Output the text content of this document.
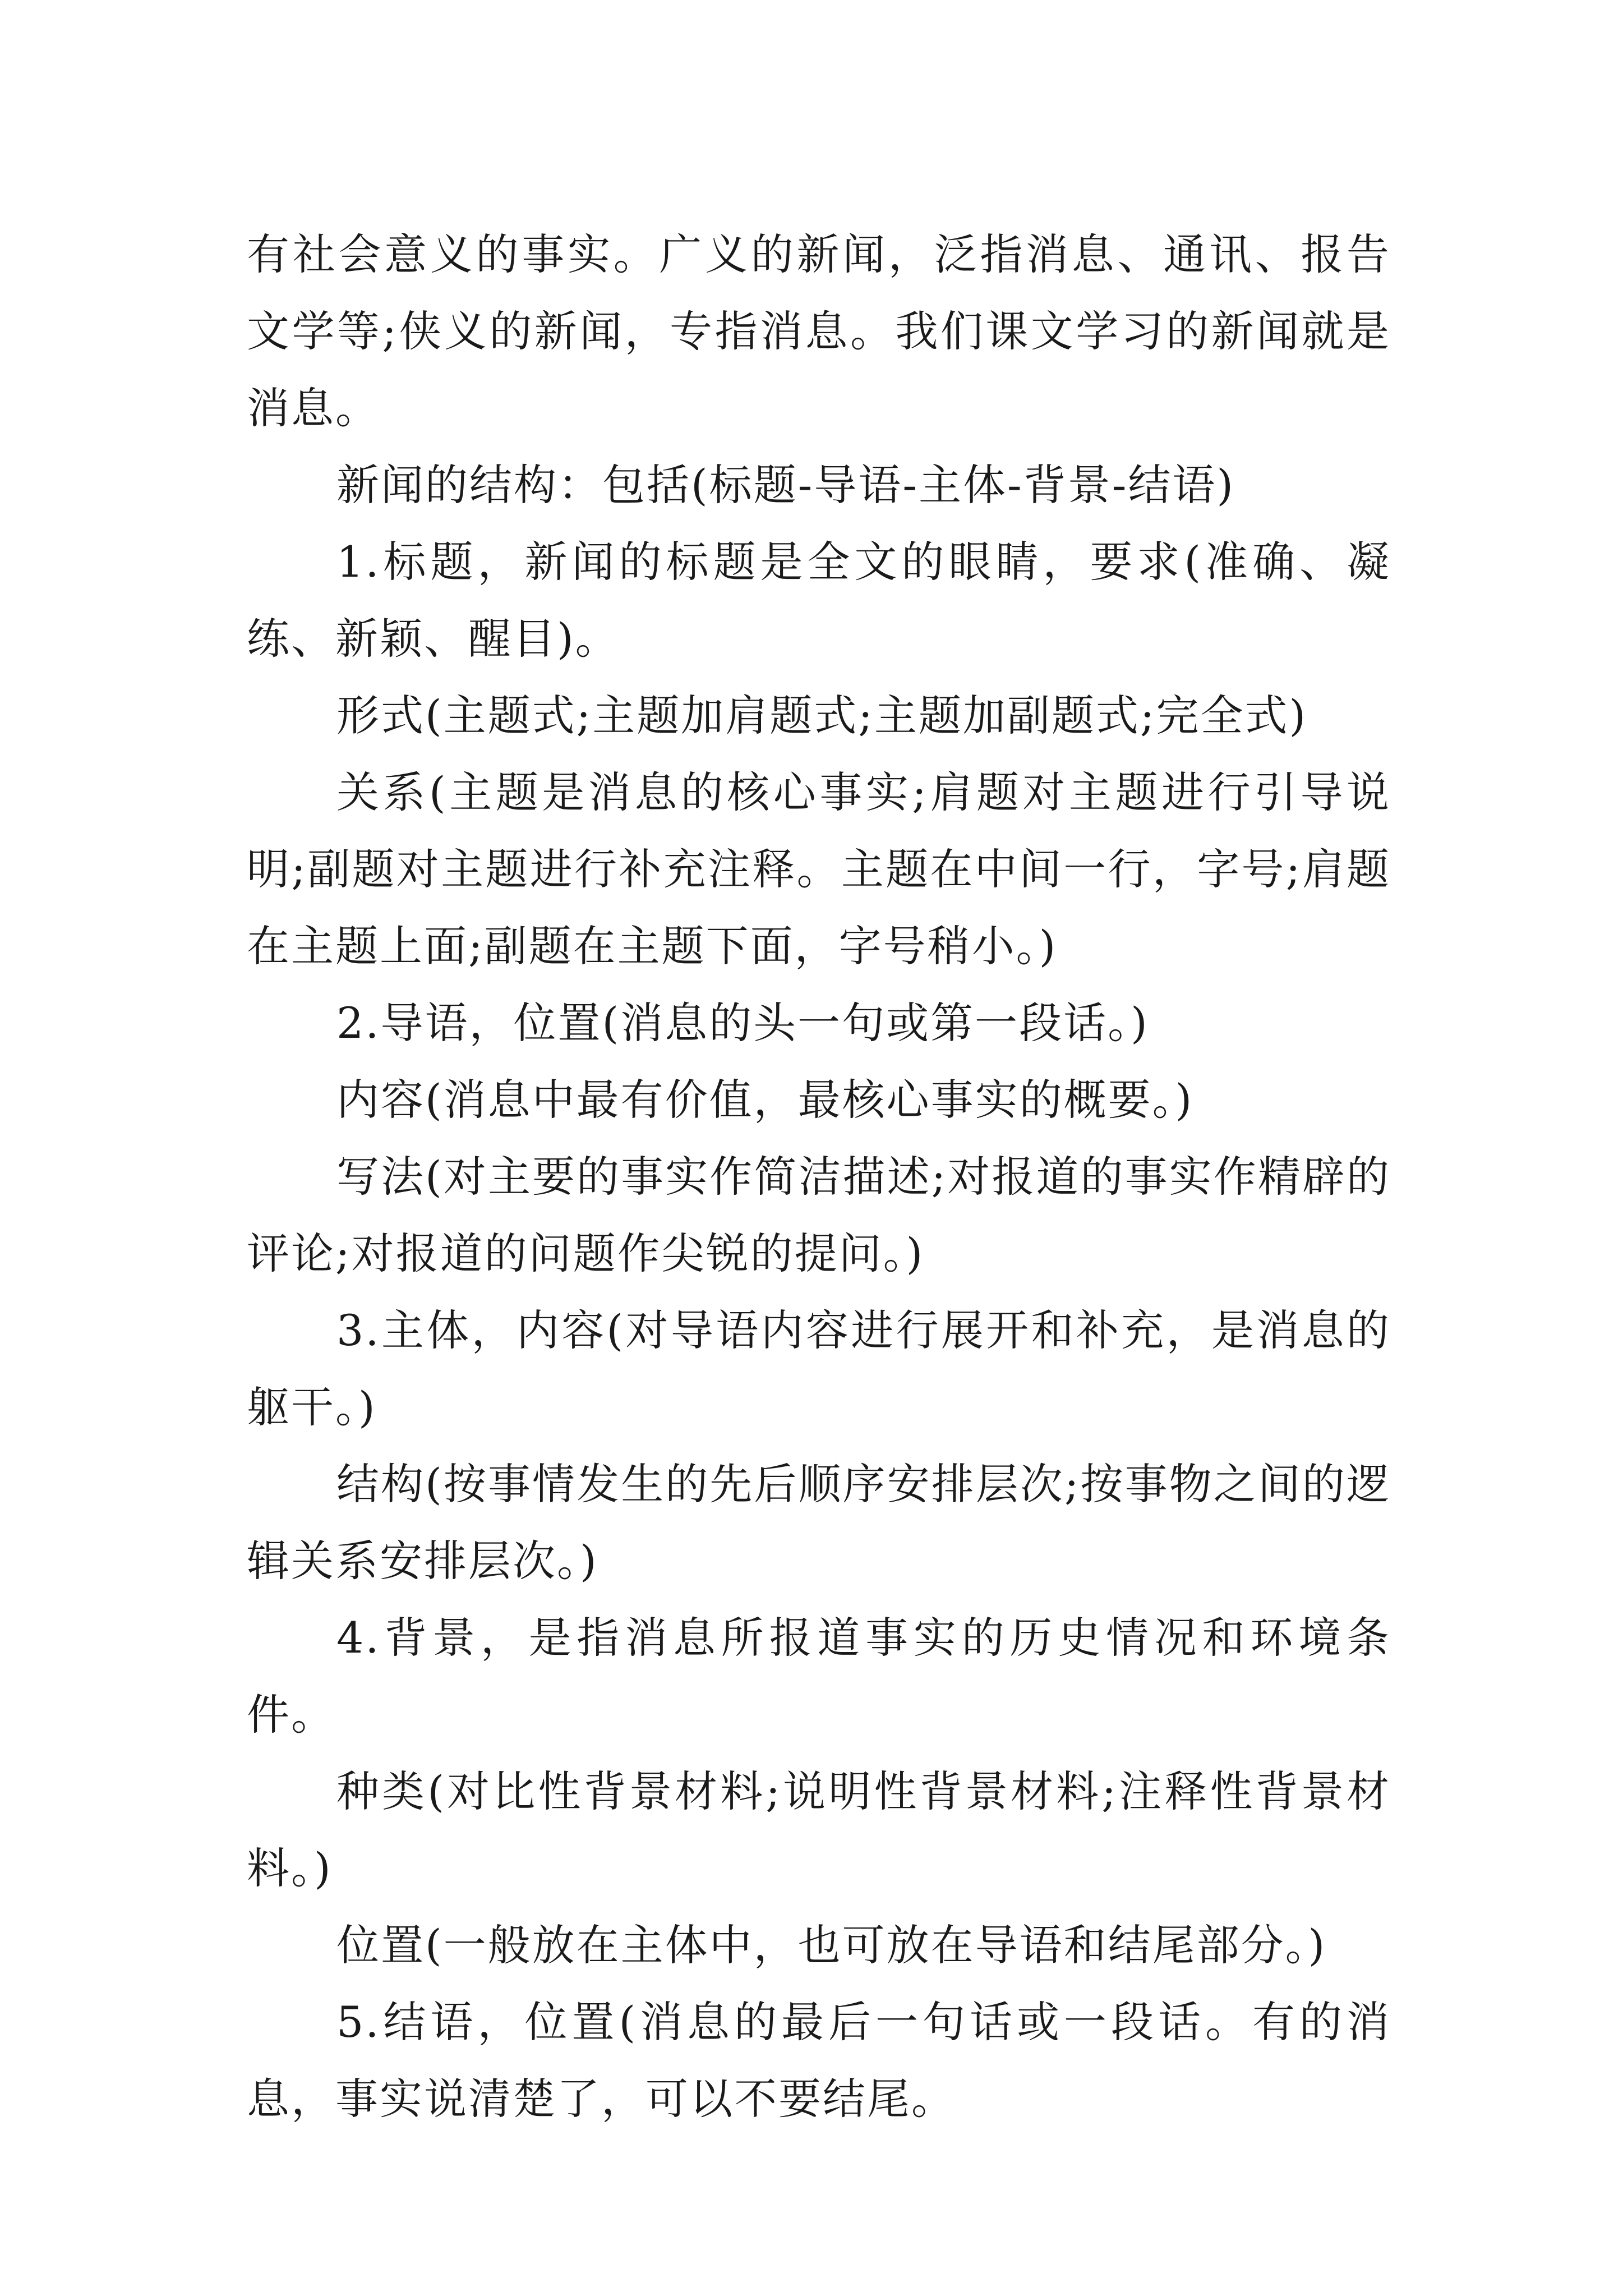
有社会意义的事实。广义的新闻，泛指消息、通讯、报告文学等;侠义的新闻，专指消息。我们课文学习的新闻就是消息。

新闻的结构：包括(标题-导语-主体-背景-结语)

1.标题，新闻的标题是全文的眼睛，要求(准确、凝练、新颖、醒目)。

形式(主题式;主题加肩题式;主题加副题式;完全式)

关系(主题是消息的核心事实;肩题对主题进行引导说明;副题对主题进行补充注释。主题在中间一行，字号;肩题在主题上面;副题在主题下面，字号稍小。)

2.导语，位置(消息的头一句或第一段话。)

内容(消息中最有价值，最核心事实的概要。)

写法(对主要的事实作简洁描述;对报道的事实作精辟的评论;对报道的问题作尖锐的提问。)

3.主体，内容(对导语内容进行展开和补充，是消息的躯干。)

结构(按事情发生的先后顺序安排层次;按事物之间的逻辑关系安排层次。)

4.背景，是指消息所报道事实的历史情况和环境条件。

种类(对比性背景材料;说明性背景材料;注释性背景材料。)

位置(一般放在主体中，也可放在导语和结尾部分。)

5.结语，位置(消息的最后一句话或一段话。有的消息，事实说清楚了，可以不要结尾。
